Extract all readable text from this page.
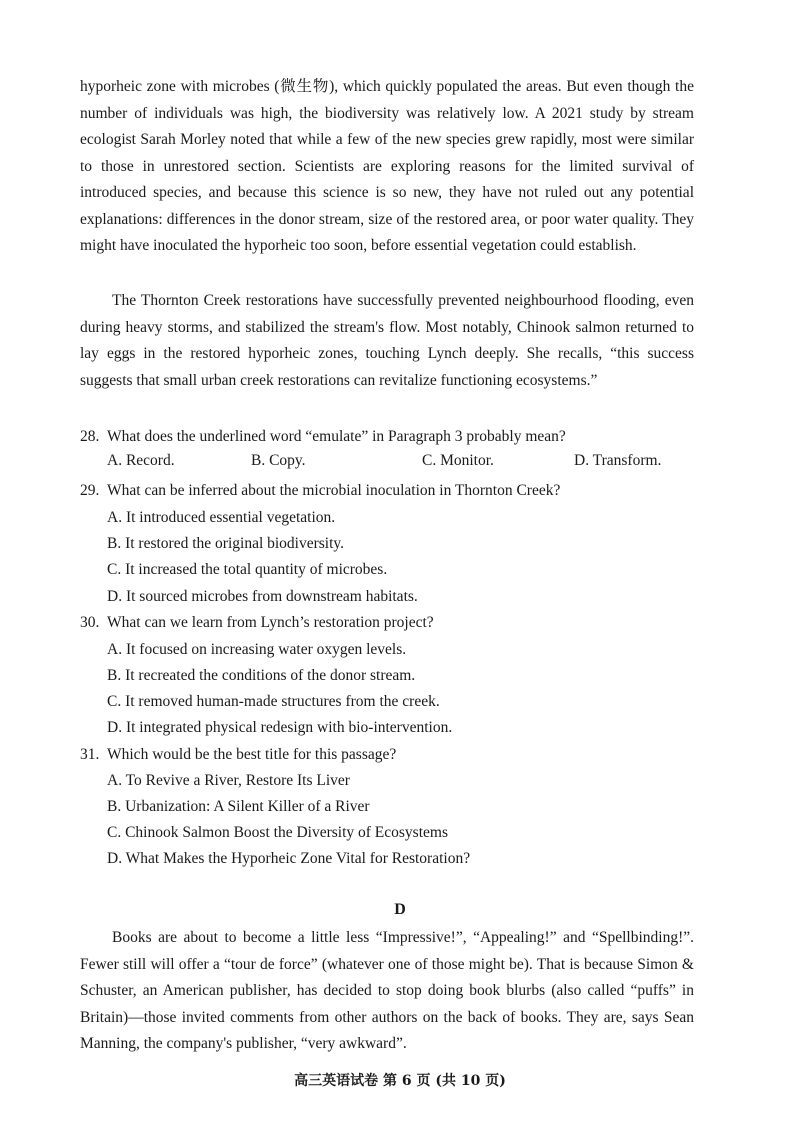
hyporheic zone with microbes (微生物), which quickly populated the areas. But even though the number of individuals was high, the biodiversity was relatively low. A 2021 study by stream ecologist Sarah Morley noted that while a few of the new species grew rapidly, most were similar to those in unrestored section. Scientists are exploring reasons for the limited survival of introduced species, and because this science is so new, they have not ruled out any potential explanations: differences in the donor stream, size of the restored area, or poor water quality. They might have inoculated the hyporheic too soon, before essential vegetation could establish.
The Thornton Creek restorations have successfully prevented neighbourhood flooding, even during heavy storms, and stabilized the stream's flow. Most notably, Chinook salmon returned to lay eggs in the restored hyporheic zones, touching Lynch deeply. She recalls, “this success suggests that small urban creek restorations can revitalize functioning ecosystems.”
28. What does the underlined word “emulate” in Paragraph 3 probably mean?
A. Record.	B. Copy.	C. Monitor.	D. Transform.
29. What can be inferred about the microbial inoculation in Thornton Creek?
A. It introduced essential vegetation.
B. It restored the original biodiversity.
C. It increased the total quantity of microbes.
D. It sourced microbes from downstream habitats.
30. What can we learn from Lynch’s restoration project?
A. It focused on increasing water oxygen levels.
B. It recreated the conditions of the donor stream.
C. It removed human-made structures from the creek.
D. It integrated physical redesign with bio-intervention.
31. Which would be the best title for this passage?
A. To Revive a River, Restore Its Liver
B. Urbanization: A Silent Killer of a River
C. Chinook Salmon Boost the Diversity of Ecosystems
D. What Makes the Hyporheic Zone Vital for Restoration?
D
Books are about to become a little less “Impressive!”, “Appealing!” and “Spellbinding!”. Fewer still will offer a “tour de force” (whatever one of those might be). That is because Simon & Schuster, an American publisher, has decided to stop doing book blurbs (also called “puffs” in Britain)—those invited comments from other authors on the back of books. They are, says Sean Manning, the company's publisher, “very awkward”.
高三英语试卷 第 6 页 (共 10 页)
